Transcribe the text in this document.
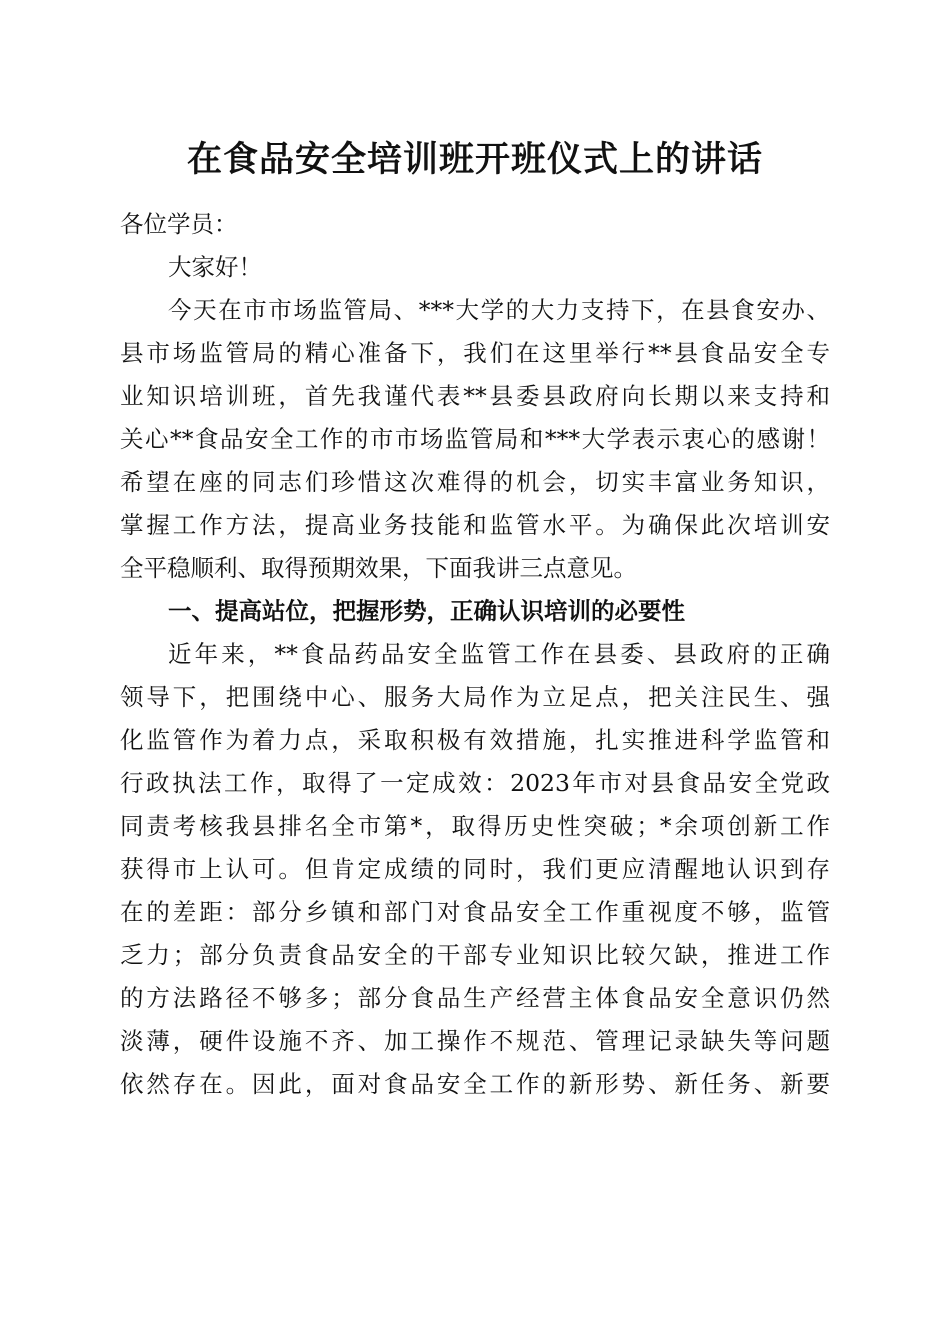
在食品安全培训班开班仪式上的讲话
各位学员：
大家好！
今天在市市场监管局、***大学的大力支持下，在县食安办、
县市场监管局的精心准备下，我们在这里举行**县食品安全专
业知识培训班，首先我谨代表**县委县政府向长期以来支持和
关心**食品安全工作的市市场监管局和***大学表示衷心的感谢！
希望在座的同志们珍惜这次难得的机会，切实丰富业务知识，
掌握工作方法，提高业务技能和监管水平。为确保此次培训安
全平稳顺利、取得预期效果，下面我讲三点意见。
一、提高站位，把握形势，正确认识培训的必要性
近年来，**食品药品安全监管工作在县委、县政府的正确
领导下，把围绕中心、服务大局作为立足点，把关注民生、强
化监管作为着力点，采取积极有效措施，扎实推进科学监管和
行政执法工作，取得了一定成效：2023年市对县食品安全党政
同责考核我县排名全市第*，取得历史性突破；*余项创新工作
获得市上认可。但肯定成绩的同时，我们更应清醒地认识到存
在的差距：部分乡镇和部门对食品安全工作重视度不够，监管
乏力；部分负责食品安全的干部专业知识比较欠缺，推进工作
的方法路径不够多；部分食品生产经营主体食品安全意识仍然
淡薄，硬件设施不齐、加工操作不规范、管理记录缺失等问题
依然存在。因此，面对食品安全工作的新形势、新任务、新要
